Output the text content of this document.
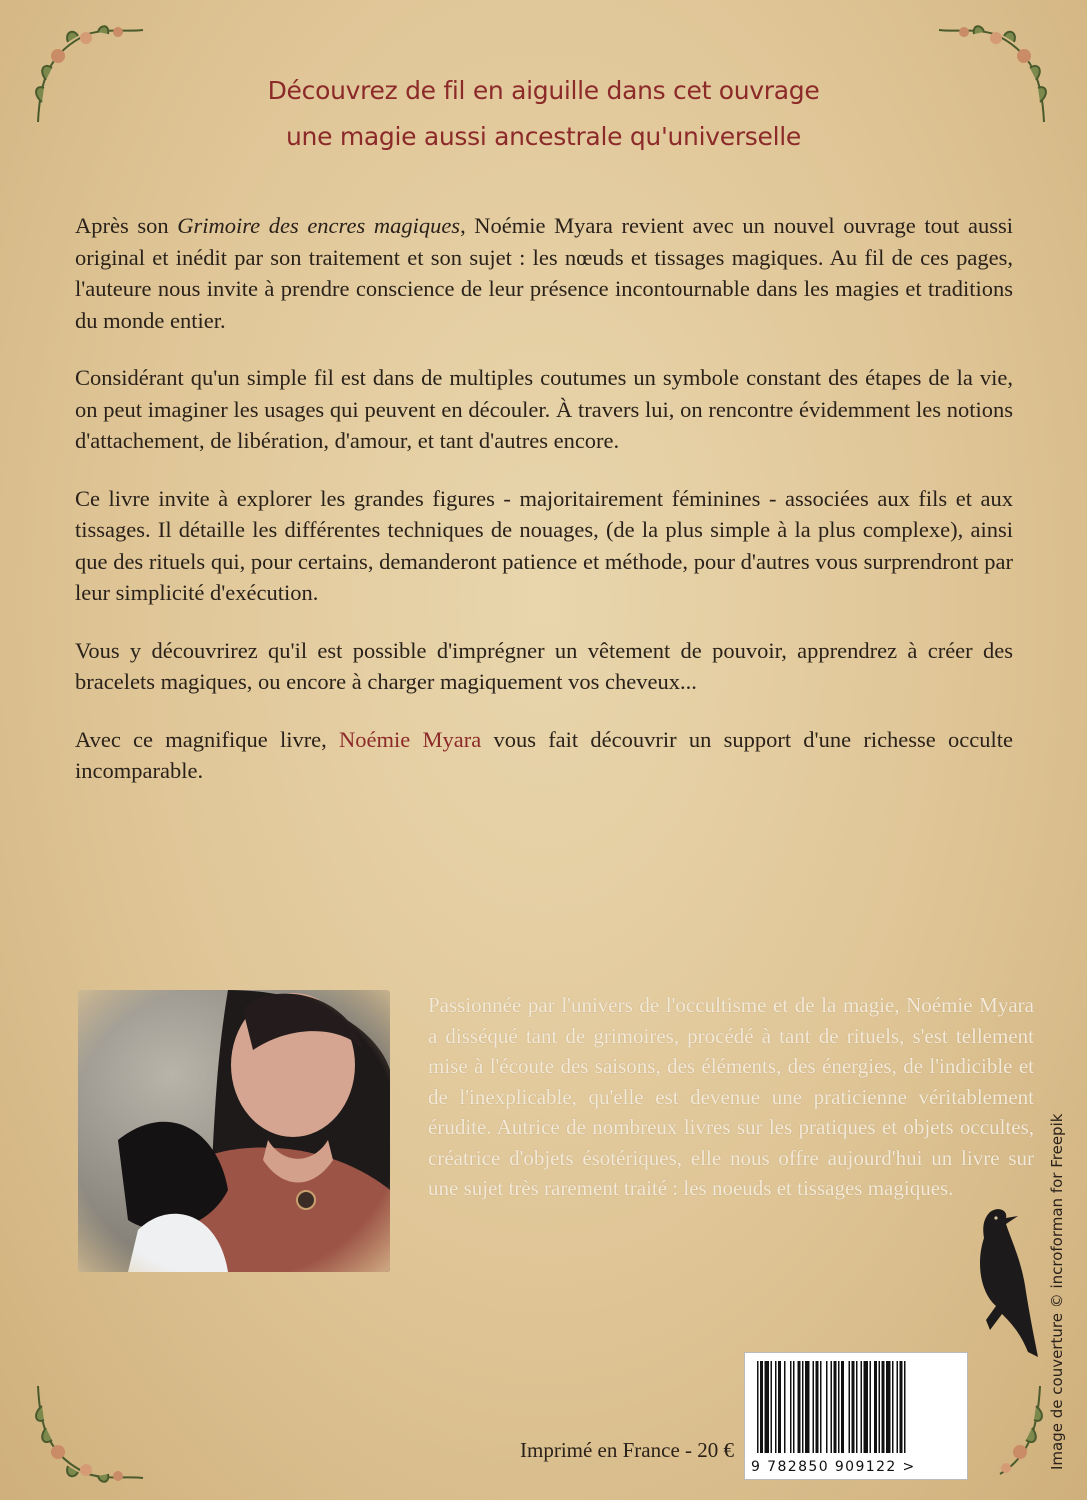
Découvrez de fil en aiguille dans cet ouvrage
une magie aussi ancestrale qu'universelle

Après son Grimoire des encres magiques, Noémie Myara revient avec un nouvel ouvrage tout aussi original et inédit par son traitement et son sujet : les nœuds et tissages magiques. Au fil de ces pages, l'auteure nous invite à prendre conscience de leur présence incontournable dans les magies et traditions du monde entier.

Considérant qu'un simple fil est dans de multiples coutumes un symbole constant des étapes de la vie, on peut imaginer les usages qui peuvent en découler. À travers lui, on rencontre évidemment les notions d'attachement, de libération, d'amour, et tant d'autres encore.

Ce livre invite à explorer les grandes figures - majoritairement féminines - associées aux fils et aux tissages. Il détaille les différentes techniques de nouages, (de la plus simple à la plus complexe), ainsi que des rituels qui, pour certains, demanderont patience et méthode, pour d'autres vous surprendront par leur simplicité d'exécution.

Vous y découvrirez qu'il est possible d'imprégner un vêtement de pouvoir, apprendrez à créer des bracelets magiques, ou encore à charger magiquement vos cheveux...

Avec ce magnifique livre, Noémie Myara vous fait découvrir un support d'une richesse occulte incomparable.

Passionnée par l'univers de l'occultisme et de la magie, Noémie Myara a disséqué tant de grimoires, procédé à tant de rituels, s'est tellement mise à l'écoute des saisons, des éléments, des énergies, de l'indicible et de l'inexplicable, qu'elle est devenue une praticienne véritablement érudite. Autrice de nombreux livres sur les pratiques et objets occultes, créatrice d'objets ésotériques, elle nous offre aujourd'hui un livre sur une sujet très rarement traité : les noeuds et tissages magiques.	Image de couverture © incroforman for Freepik
Imprimé en France - 20 €
9 782850 909122 >
